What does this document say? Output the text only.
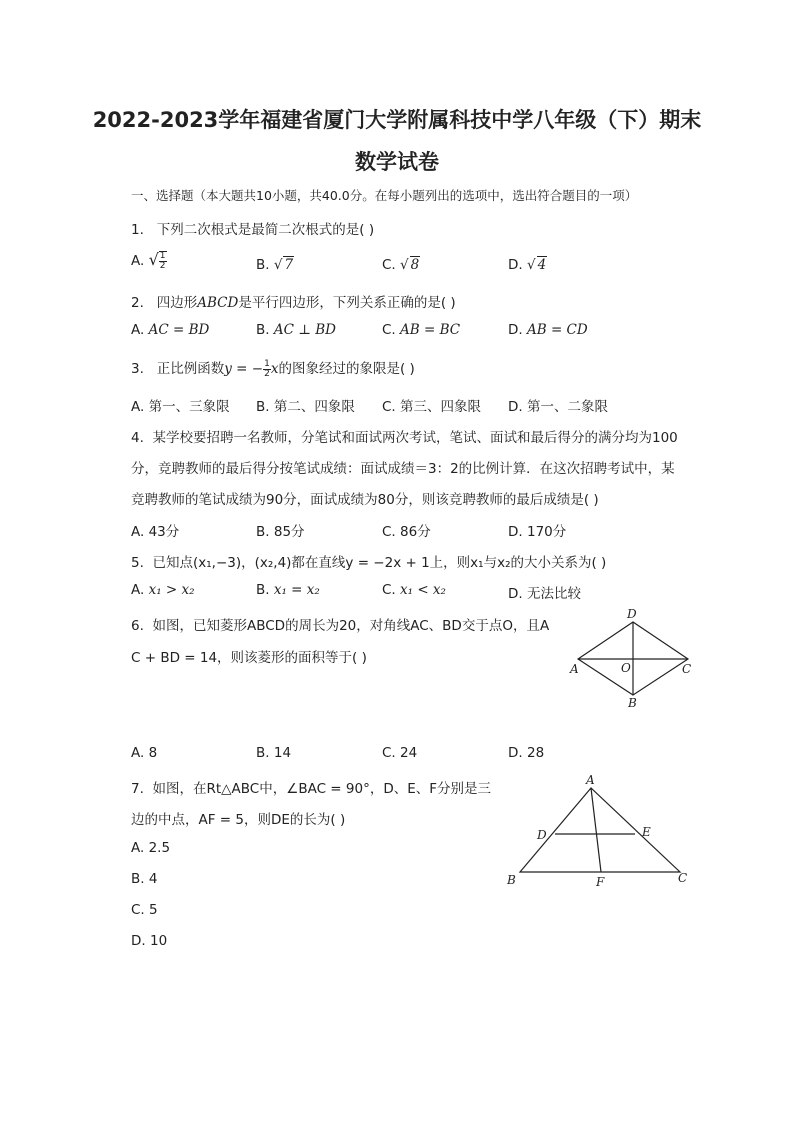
2022-2023学年福建省厦门大学附属科技中学八年级（下）期末
数学试卷
一、选择题（本大题共10小题，共40.0分。在每小题列出的选项中，选出符合题目的一项）
1. 下列二次根式是最简二次根式的是( )
A. √ $\frac{1}{2}$	B. √ 7	C. √ 8	D. √ 4
2. 四边形ABCD是平行四边形，下列关系正确的是( )
A. AC = BD	B. AC ⊥ BD	C. AB = BC	D. AB = CD
3. 正比例函数y = − $\frac{1}{2}$ x的图象经过的象限是( )
A. 第一、三象限 B. 第二、四象限 C. 第三、四象限 D. 第一、二象限
4. 某学校要招聘一名教师，分笔试和面试两次考试，笔试、面试和最后得分的满分均为100
分，竞聘教师的最后得分按笔试成绩：面试成绩＝3：2的比例计算．在这次招聘考试中，某
竞聘教师的笔试成绩为90分，面试成绩为80分，则该竞聘教师的最后成绩是( )
A. 43分	B. 85分	C. 86分	D. 170分
5. 已知点(x₁,−3)，(x₂,4)都在直线y = −2x + 1上，则x₁与x₂的大小关系为( )
A. x₁ > x₂	B. x₁ = x₂	C. x₁ < x₂	D. 无法比较
6. 如图，已知菱形ABCD的周长为20，对角线AC、BD交于点O，且A
C + BD = 14，则该菱形的面积等于( )
D
A	O	C
B
A. 8	B. 14	C. 24	D. 28
7. 如图，在Rt△ABC中，∠BAC = 90°，D、E、F分别是三
边的中点，AF = 5，则DE的长为( )
A
D	E
B	F	C
A. 2.5
B. 4
C. 5
D. 10
